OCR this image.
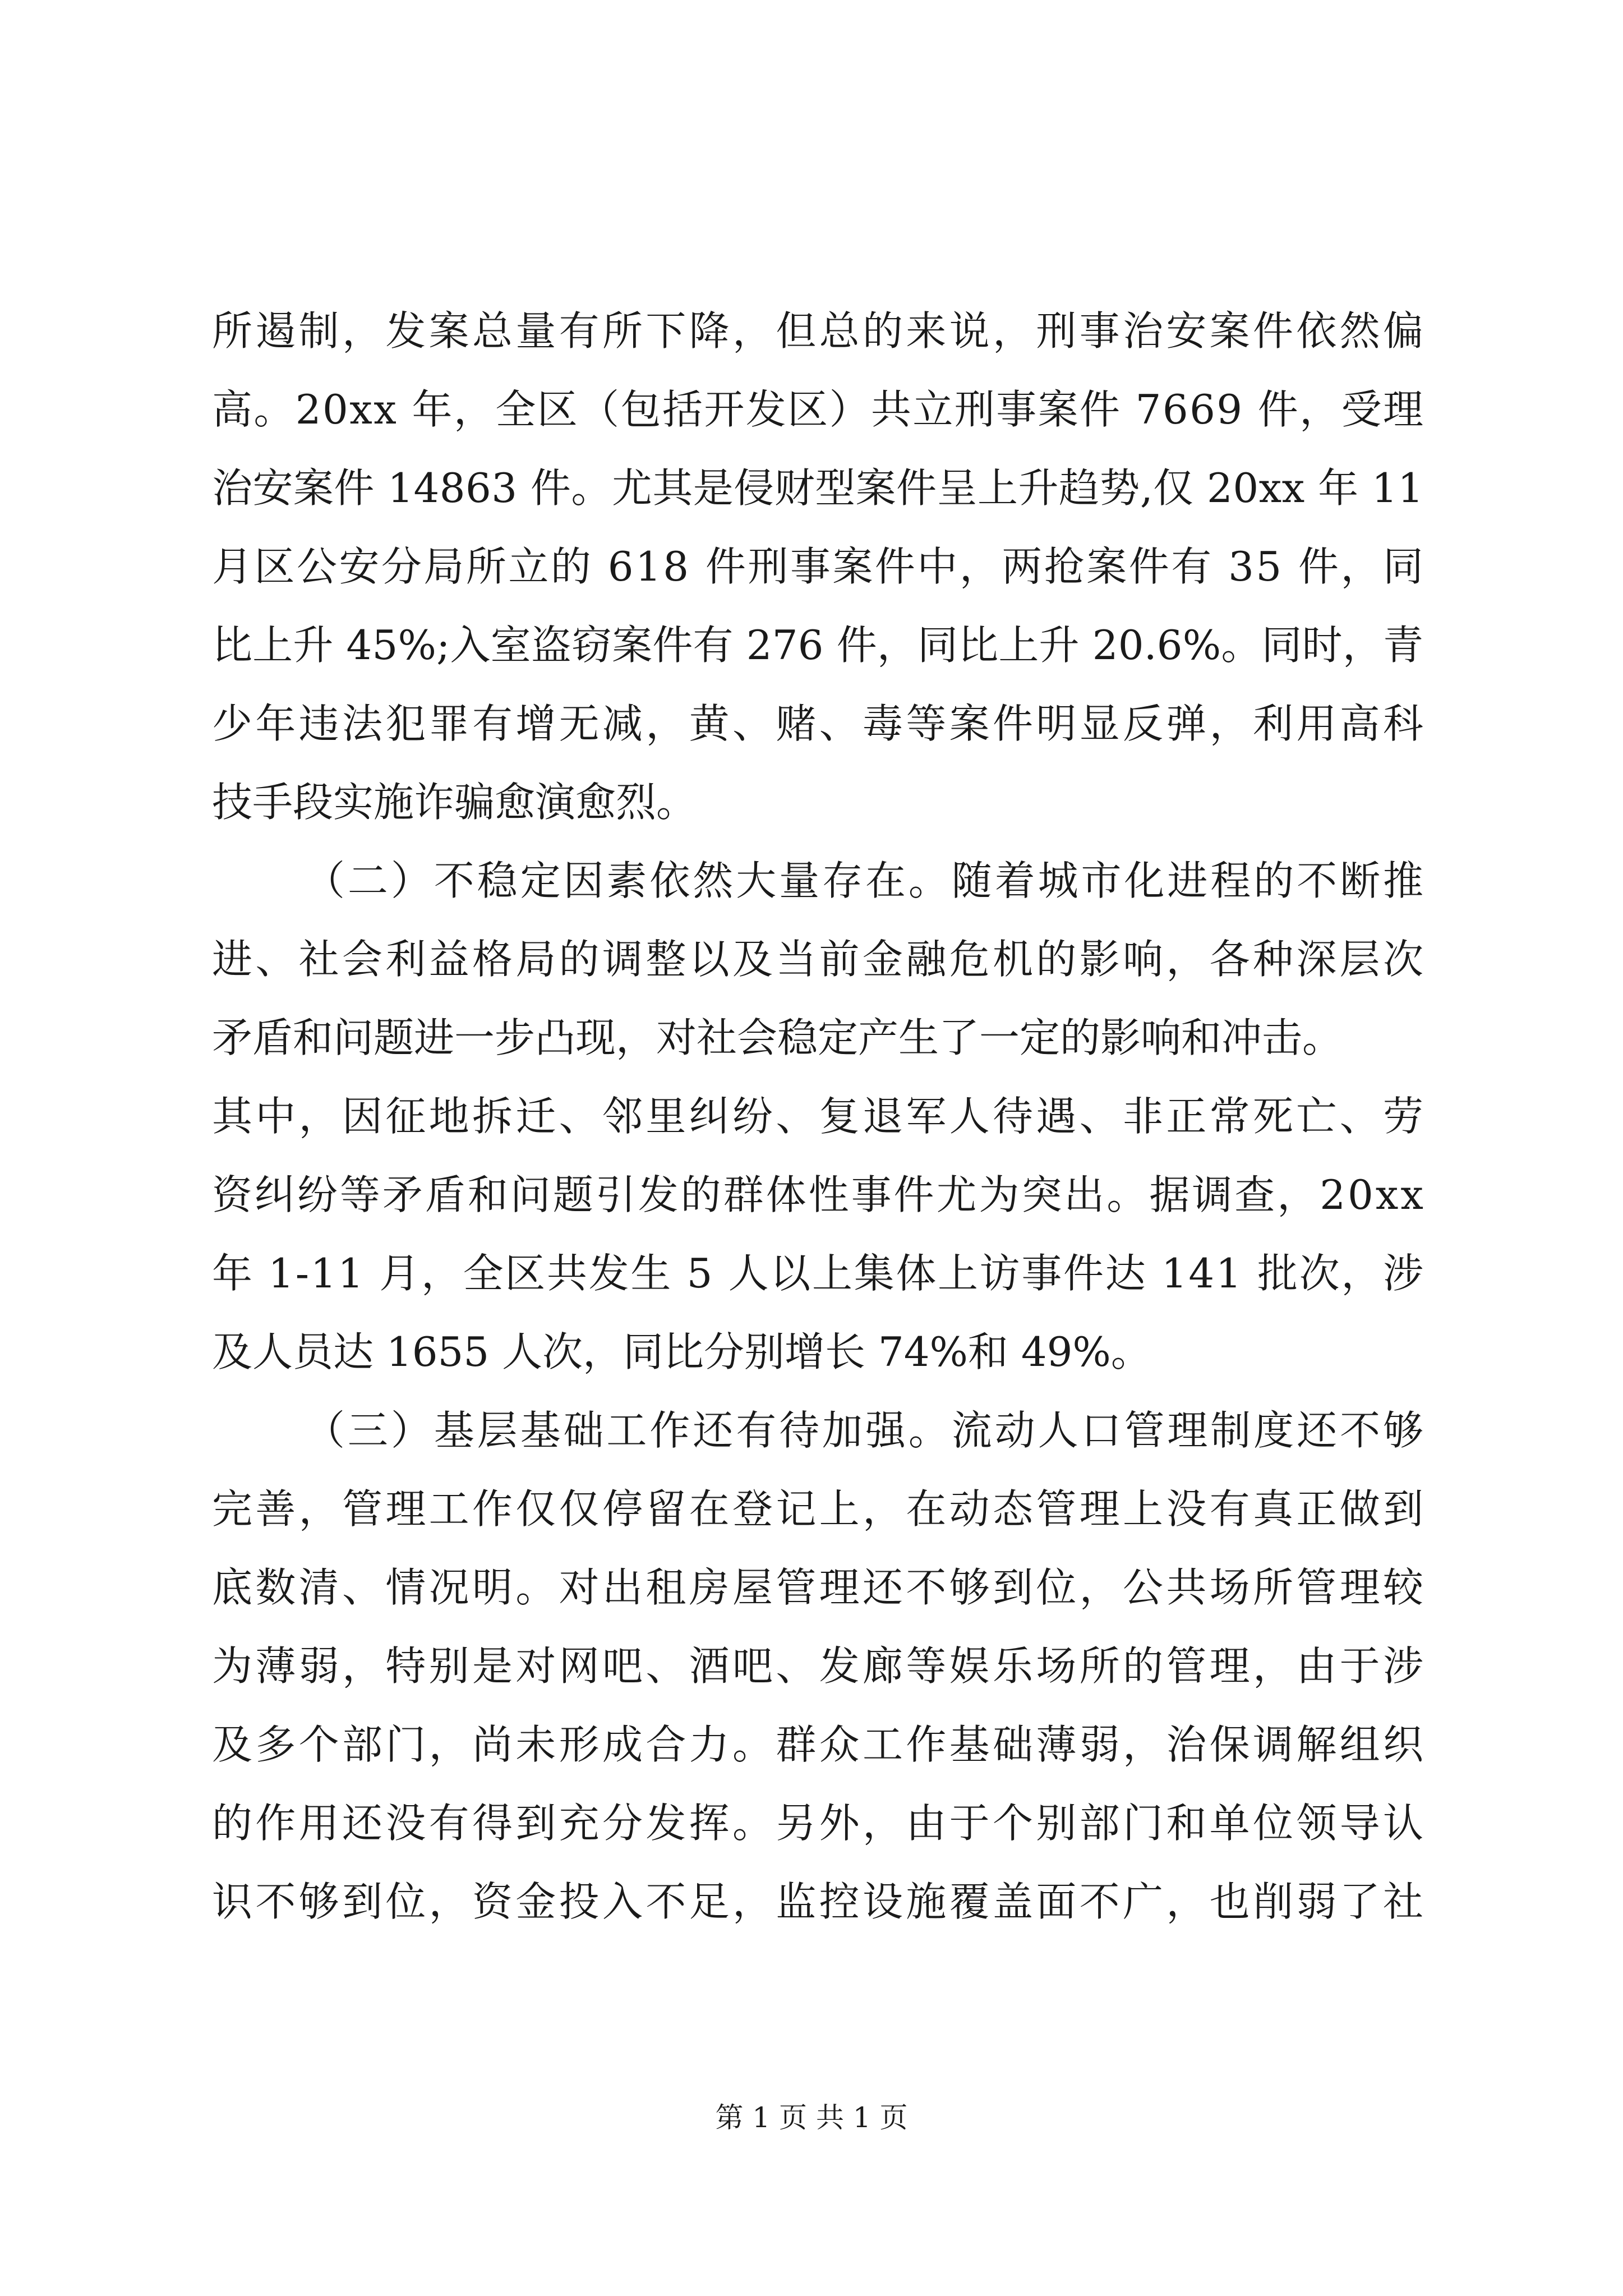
所遏制，发案总量有所下降，但总的来说，刑事治安案件依然偏
高。20xx 年，全区（包括开发区）共立刑事案件 7669 件，受理
治安案件 14863 件。尤其是侵财型案件呈上升趋势,仅 20xx 年 11
月区公安分局所立的 618 件刑事案件中，两抢案件有 35 件，同
比上升 45%;入室盗窃案件有 276 件，同比上升 20.6%。同时，青
少年违法犯罪有增无减，黄、赌、毒等案件明显反弹，利用高科
技手段实施诈骗愈演愈烈。
（二）不稳定因素依然大量存在。随着城市化进程的不断推
进、社会利益格局的调整以及当前金融危机的影响，各种深层次
矛盾和问题进一步凸现，对社会稳定产生了一定的影响和冲击。
其中，因征地拆迁、邻里纠纷、复退军人待遇、非正常死亡、劳
资纠纷等矛盾和问题引发的群体性事件尤为突出。据调查，20xx
年 1-11 月，全区共发生 5 人以上集体上访事件达 141 批次，涉
及人员达 1655 人次，同比分别增长 74%和 49%。
（三）基层基础工作还有待加强。流动人口管理制度还不够
完善，管理工作仅仅停留在登记上，在动态管理上没有真正做到
底数清、情况明。对出租房屋管理还不够到位，公共场所管理较
为薄弱，特别是对网吧、酒吧、发廊等娱乐场所的管理，由于涉
及多个部门，尚未形成合力。群众工作基础薄弱，治保调解组织
的作用还没有得到充分发挥。另外，由于个别部门和单位领导认
识不够到位，资金投入不足，监控设施覆盖面不广，也削弱了社
第 1 页 共 1 页
